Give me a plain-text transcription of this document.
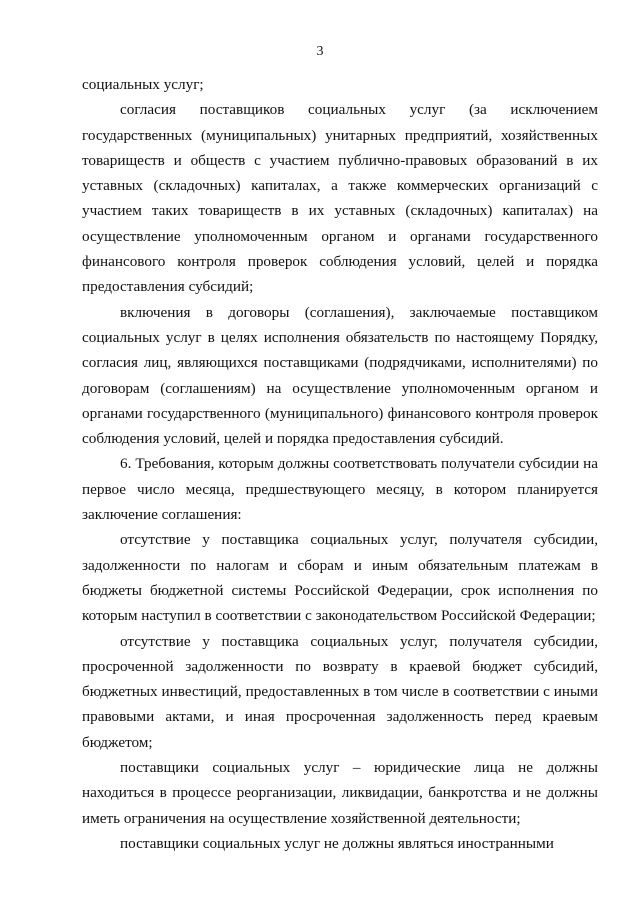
3

социальных услуг;

согласия поставщиков социальных услуг (за исключением государственных (муниципальных) унитарных предприятий, хозяйственных товариществ и обществ с участием публично-правовых образований в их уставных (складочных) капиталах, а также коммерческих организаций с участием таких товариществ в их уставных (складочных) капиталах) на осуществление уполномоченным органом и органами государственного финансового контроля проверок соблюдения условий, целей и порядка предоставления субсидий;

включения в договоры (соглашения), заключаемые поставщиком социальных услуг в целях исполнения обязательств по настоящему Порядку, согласия лиц, являющихся поставщиками (подрядчиками, исполнителями) по договорам (соглашениям) на осуществление уполномоченным органом и органами государственного (муниципального) финансового контроля проверок соблюдения условий, целей и порядка предоставления субсидий.

6. Требования, которым должны соответствовать получатели субсидии на первое число месяца, предшествующего месяцу, в котором планируется заключение соглашения:

отсутствие у поставщика социальных услуг, получателя субсидии, задолженности по налогам и сборам и иным обязательным платежам в бюджеты бюджетной системы Российской Федерации, срок исполнения по которым наступил в соответствии с законодательством Российской Федерации;

отсутствие у поставщика социальных услуг, получателя субсидии, просроченной задолженности по возврату в краевой бюджет субсидий, бюджетных инвестиций, предоставленных в том числе в соответствии с иными правовыми актами, и иная просроченная задолженность перед краевым бюджетом;

поставщики социальных услуг – юридические лица не должны находиться в процессе реорганизации, ликвидации, банкротства и не должны иметь ограничения на осуществление хозяйственной деятельности;

поставщики социальных услуг не должны являться иностранными
